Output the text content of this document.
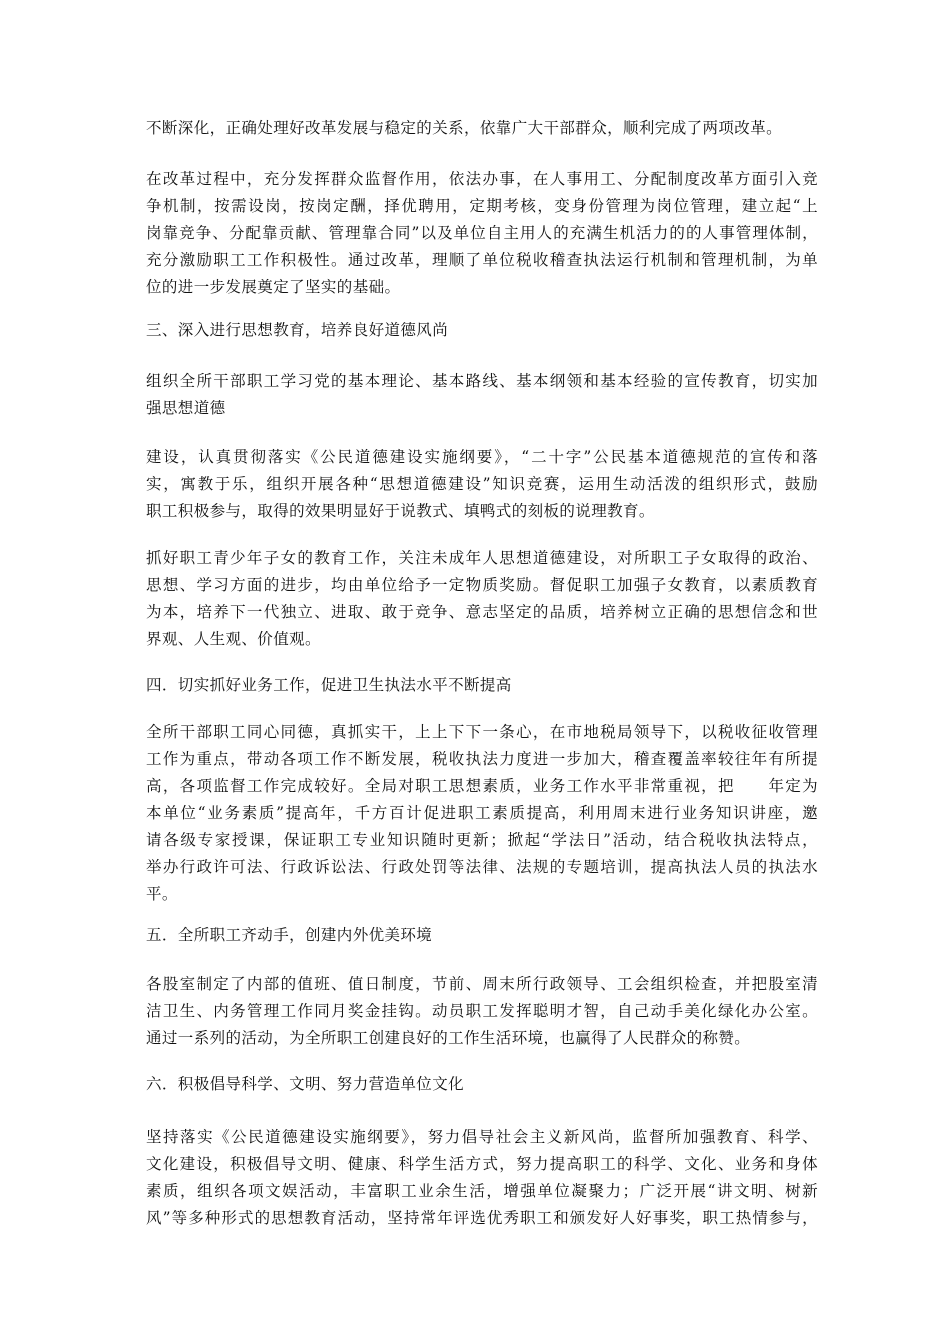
不断深化，正确处理好改革发展与稳定的关系，依靠广大干部群众，顺利完成了两项改革。
在改革过程中，充分发挥群众监督作用，依法办事，在人事用工、分配制度改革方面引入竞
争机制，按需设岗，按岗定酬，择优聘用，定期考核，变身份管理为岗位管理，建立起“上
岗靠竞争、分配靠贡献、管理靠合同”以及单位自主用人的充满生机活力的的人事管理体制，
充分激励职工工作积极性。通过改革，理顺了单位税收稽查执法运行机制和管理机制，为单
位的进一步发展奠定了坚实的基础。
三、深入进行思想教育，培养良好道德风尚
组织全所干部职工学习党的基本理论、基本路线、基本纲领和基本经验的宣传教育，切实加
强思想道德
建设，认真贯彻落实《公民道德建设实施纲要》，“二十字”公民基本道德规范的宣传和落
实，寓教于乐，组织开展各种“思想道德建设”知识竞赛，运用生动活泼的组织形式，鼓励
职工积极参与，取得的效果明显好于说教式、填鸭式的刻板的说理教育。
抓好职工青少年子女的教育工作，关注未成年人思想道德建设，对所职工子女取得的政治、
思想、学习方面的进步，均由单位给予一定物质奖励。督促职工加强子女教育，以素质教育
为本，培养下一代独立、进取、敢于竞争、意志坚定的品质，培养树立正确的思想信念和世
界观、人生观、价值观。
四．切实抓好业务工作，促进卫生执法水平不断提高
全所干部职工同心同德，真抓实干，上上下下一条心，在市地税局领导下，以税收征收管理
工作为重点，带动各项工作不断发展，税收执法力度进一步加大，稽查覆盖率较往年有所提
高，各项监督工作完成较好。全局对职工思想素质，业务工作水平非常重视，把　　年定为
本单位“业务素质”提高年，千方百计促进职工素质提高，利用周末进行业务知识讲座，邀
请各级专家授课，保证职工专业知识随时更新；掀起“学法日”活动，结合税收执法特点，
举办行政许可法、行政诉讼法、行政处罚等法律、法规的专题培训，提高执法人员的执法水
平。
五．全所职工齐动手，创建内外优美环境
各股室制定了内部的值班、值日制度，节前、周末所行政领导、工会组织检查，并把股室清
洁卫生、内务管理工作同月奖金挂钩。动员职工发挥聪明才智，自己动手美化绿化办公室。
通过一系列的活动，为全所职工创建良好的工作生活环境，也赢得了人民群众的称赞。
六．积极倡导科学、文明、努力营造单位文化
坚持落实《公民道德建设实施纲要》，努力倡导社会主义新风尚，监督所加强教育、科学、
文化建设，积极倡导文明、健康、科学生活方式，努力提高职工的科学、文化、业务和身体
素质，组织各项文娱活动，丰富职工业余生活，增强单位凝聚力；广泛开展“讲文明、树新
风”等多种形式的思想教育活动，坚持常年评选优秀职工和颁发好人好事奖，职工热情参与，
